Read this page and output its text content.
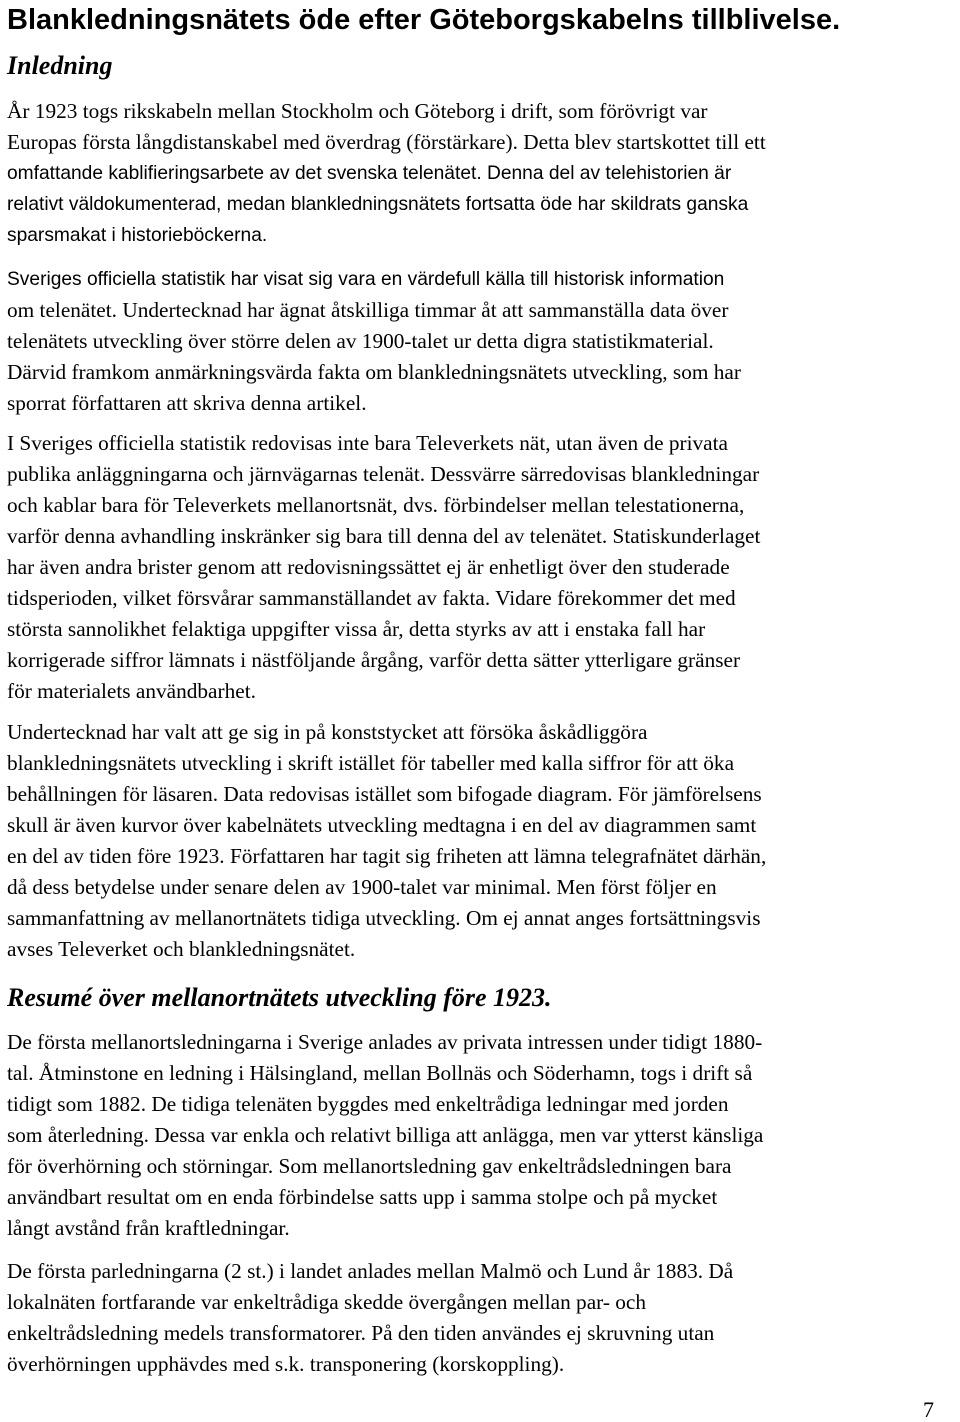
Blankledningsnätets öde efter Göteborgskabelns tillblivelse.
Inledning

År 1923 togs rikskabeln mellan Stockholm och Göteborg i drift, som förövrigt var
Europas första långdistanskabel med överdrag (förstärkare). Detta blev startskottet till ett

omfattande kablifieringsarbete av det svenska telenätet. Denna del av telehistorien är
relativt väldokumenterad, medan blankledningsnätets fortsatta öde har skildrats ganska
sparsmakat i historieböckerna.

Sveriges officiella statistik har visat sig vara en värdefull källa till historisk information

om telenätet. Undertecknad har ägnat åtskilliga timmar åt att sammanställa data över
telenätets utveckling över större delen av 1900-talet ur detta digra statistikmaterial.
Därvid framkom anmärkningsvärda fakta om blankledningsnätets utveckling, som har
sporrat författaren att skriva denna artikel.

I Sveriges officiella statistik redovisas inte bara Televerkets nät, utan även de privata
publika anläggningarna och järnvägarnas telenät. Dessvärre särredovisas blankledningar
och kablar bara för Televerkets mellanortsnät, dvs. förbindelser mellan telestationerna,
varför denna avhandling inskränker sig bara till denna del av telenätet. Statiskunderlaget
har även andra brister genom att redovisningssättet ej är enhetligt över den studerade
tidsperioden, vilket försvårar sammanställandet av fakta. Vidare förekommer det med
största sannolikhet felaktiga uppgifter vissa år, detta styrks av att i enstaka fall har
korrigerade siffror lämnats i nästföljande årgång, varför detta sätter ytterligare gränser
för materialets användbarhet.

Undertecknad har valt att ge sig in på konststycket att försöka åskådliggöra
blankledningsnätets utveckling i skrift istället för tabeller med kalla siffror för att öka
behållningen för läsaren. Data redovisas istället som bifogade diagram. För jämförelsens
skull är även kurvor över kabelnätets utveckling medtagna i en del av diagrammen samt
en del av tiden före 1923. Författaren har tagit sig friheten att lämna telegrafnätet därhän,
då dess betydelse under senare delen av 1900-talet var minimal. Men först följer en
sammanfattning av mellanortnätets tidiga utveckling. Om ej annat anges fortsättningsvis
avses Televerket och blankledningsnätet.

Resumé över mellanortnätets utveckling före 1923.

De första mellanortsledningarna i Sverige anlades av privata intressen under tidigt 1880-
tal. Åtminstone en ledning i Hälsingland, mellan Bollnäs och Söderhamn, togs i drift så
tidigt som 1882. De tidiga telenäten byggdes med enkeltrådiga ledningar med jorden
som återledning. Dessa var enkla och relativt billiga att anlägga, men var ytterst känsliga
för överhörning och störningar. Som mellanortsledning gav enkeltrådsledningen bara
användbart resultat om en enda förbindelse satts upp i samma stolpe och på mycket
långt avstånd från kraftledningar.

De första parledningarna (2 st.) i landet anlades mellan Malmö och Lund år 1883. Då
lokalnäten fortfarande var enkeltrådiga skedde övergången mellan par- och
enkeltrådsledning medels transformatorer. På den tiden användes ej skruvning utan
överhörningen upphävdes med s.k. transponering (korskoppling).

7
